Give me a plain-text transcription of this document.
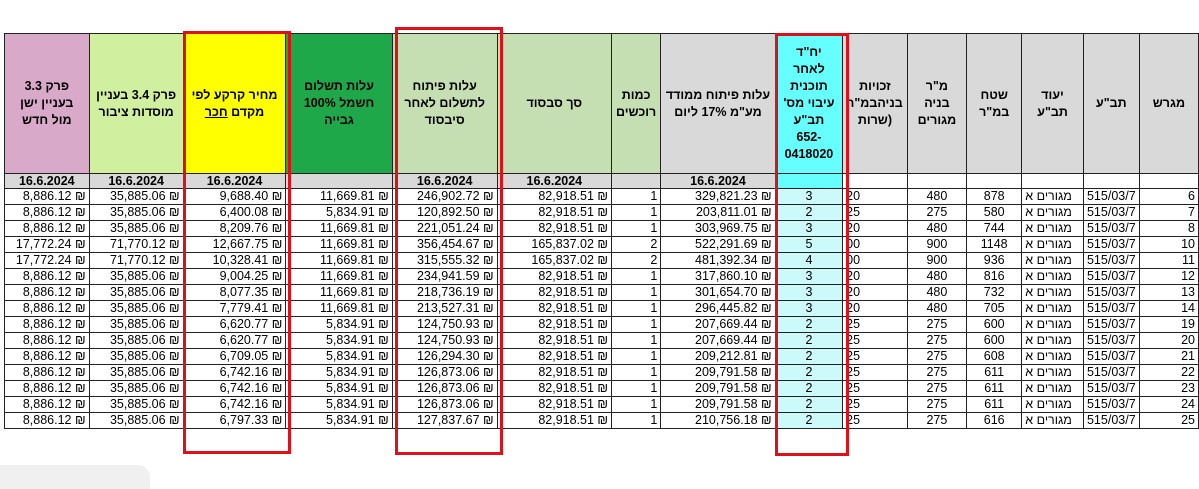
פרק 3.3 בעניין ישן מול חדש	פרק 3.4 בעניין מוסדות ציבור	מחיר קרקע לפי מקדם חכר	עלות תשלום חשמל 100% גבייה	עלות פיתוח לתשלום לאחר סיבסוד	סך סבסוד	כמות רוכשים	עלות פיתוח ממודד מע"מ 17% ליום	יח"ד לאחר תוכנית עיבוי מס' תב"ע 652-0418020	זכויות בניהבמ"ר (שרות	מ"ר בניה מגורים	שטח במ"ר	יעוד תב"ע	תב"ע	מגרש
16.6.2024	16.6.2024	16.6.2024		16.6.2024	16.6.2024		16.6.2024							
8,886.12 ₪	35,885.06 ₪	9,688.40 ₪	11,669.81 ₪	246,902.72 ₪	82,918.51 ₪	1	329,821.23 ₪	3	20	480	878	מגורים א	515/03/7	6
8,886.12 ₪	35,885.06 ₪	6,400.08 ₪	5,834.91 ₪	120,892.50 ₪	82,918.51 ₪	1	203,811.01 ₪	2	25	275	580	מגורים א	515/03/7	7
8,886.12 ₪	35,885.06 ₪	8,209.76 ₪	11,669.81 ₪	221,051.24 ₪	82,918.51 ₪	1	303,969.75 ₪	3	20	480	744	מגורים א	515/03/7	8
17,772.24 ₪	71,770.12 ₪	12,667.75 ₪	11,669.81 ₪	356,454.67 ₪	165,837.02 ₪	2	522,291.69 ₪	5	00	900	1148	מגורים א	515/03/7	10
17,772.24 ₪	71,770.12 ₪	10,328.41 ₪	11,669.81 ₪	315,555.32 ₪	165,837.02 ₪	2	481,392.34 ₪	4	00	900	936	מגורים א	515/03/7	11
8,886.12 ₪	35,885.06 ₪	9,004.25 ₪	11,669.81 ₪	234,941.59 ₪	82,918.51 ₪	1	317,860.10 ₪	3	20	480	816	מגורים א	515/03/7	12
8,886.12 ₪	35,885.06 ₪	8,077.35 ₪	11,669.81 ₪	218,736.19 ₪	82,918.51 ₪	1	301,654.70 ₪	3	20	480	732	מגורים א	515/03/7	13
8,886.12 ₪	35,885.06 ₪	7,779.41 ₪	11,669.81 ₪	213,527.31 ₪	82,918.51 ₪	1	296,445.82 ₪	3	20	480	705	מגורים א	515/03/7	14
8,886.12 ₪	35,885.06 ₪	6,620.77 ₪	5,834.91 ₪	124,750.93 ₪	82,918.51 ₪	1	207,669.44 ₪	2	25	275	600	מגורים א	515/03/7	19
8,886.12 ₪	35,885.06 ₪	6,620.77 ₪	5,834.91 ₪	124,750.93 ₪	82,918.51 ₪	1	207,669.44 ₪	2	25	275	600	מגורים א	515/03/7	20
8,886.12 ₪	35,885.06 ₪	6,709.05 ₪	5,834.91 ₪	126,294.30 ₪	82,918.51 ₪	1	209,212.81 ₪	2	25	275	608	מגורים א	515/03/7	21
8,886.12 ₪	35,885.06 ₪	6,742.16 ₪	5,834.91 ₪	126,873.06 ₪	82,918.51 ₪	1	209,791.58 ₪	2	25	275	611	מגורים א	515/03/7	22
8,886.12 ₪	35,885.06 ₪	6,742.16 ₪	5,834.91 ₪	126,873.06 ₪	82,918.51 ₪	1	209,791.58 ₪	2	25	275	611	מגורים א	515/03/7	23
8,886.12 ₪	35,885.06 ₪	6,742.16 ₪	5,834.91 ₪	126,873.06 ₪	82,918.51 ₪	1	209,791.58 ₪	2	25	275	611	מגורים א	515/03/7	24
8,886.12 ₪	35,885.06 ₪	6,797.33 ₪	5,834.91 ₪	127,837.67 ₪	82,918.51 ₪	1	210,756.18 ₪	2	25	275	616	מגורים א	515/03/7	25
